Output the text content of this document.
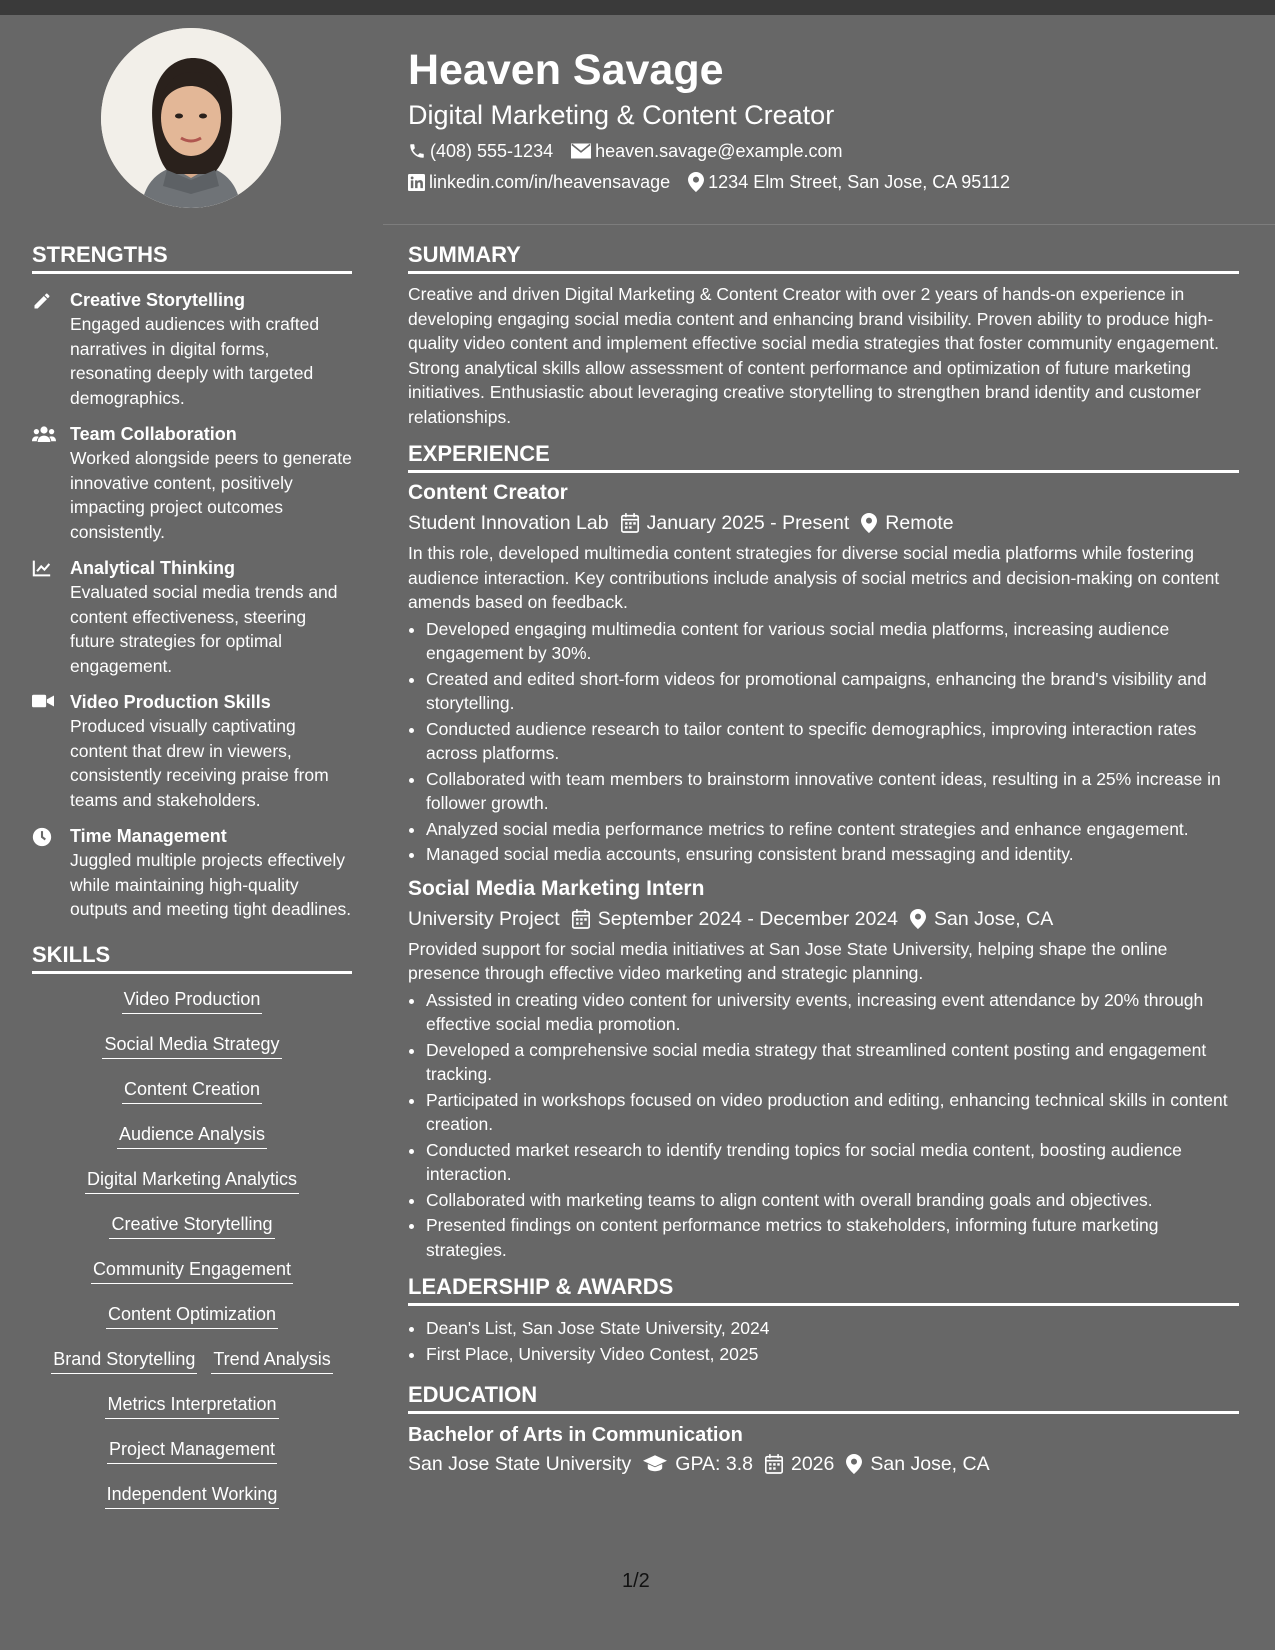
Heaven Savage
Digital Marketing & Content Creator
(408) 555-1234 heaven.savage@example.com
linkedin.com/in/heavensavage 1234 Elm Street, San Jose, CA 95112
STRENGTHS
Creative Storytelling
Engaged audiences with crafted narratives in digital forms, resonating deeply with targeted demographics.
Team Collaboration
Worked alongside peers to generate innovative content, positively impacting project outcomes consistently.
Analytical Thinking
Evaluated social media trends and content effectiveness, steering future strategies for optimal engagement.
Video Production Skills
Produced visually captivating content that drew in viewers, consistently receiving praise from teams and stakeholders.
Time Management
Juggled multiple projects effectively while maintaining high-quality outputs and meeting tight deadlines.
SKILLS
Video Production
Social Media Strategy
Content Creation
Audience Analysis
Digital Marketing Analytics
Creative Storytelling
Community Engagement
Content Optimization
Brand Storytelling Trend Analysis
Metrics Interpretation
Project Management
Independent Working
SUMMARY
Creative and driven Digital Marketing & Content Creator with over 2 years of hands-on experience in developing engaging social media content and enhancing brand visibility. Proven ability to produce high-quality video content and implement effective social media strategies that foster community engagement. Strong analytical skills allow assessment of content performance and optimization of future marketing initiatives. Enthusiastic about leveraging creative storytelling to strengthen brand identity and customer relationships.
EXPERIENCE
Content Creator
Student Innovation Lab January 2025 - Present Remote
In this role, developed multimedia content strategies for diverse social media platforms while fostering audience interaction. Key contributions include analysis of social metrics and decision-making on content amends based on feedback.
• Developed engaging multimedia content for various social media platforms, increasing audience engagement by 30%.
• Created and edited short-form videos for promotional campaigns, enhancing the brand's visibility and storytelling.
• Conducted audience research to tailor content to specific demographics, improving interaction rates across platforms.
• Collaborated with team members to brainstorm innovative content ideas, resulting in a 25% increase in follower growth.
• Analyzed social media performance metrics to refine content strategies and enhance engagement.
• Managed social media accounts, ensuring consistent brand messaging and identity.
Social Media Marketing Intern
University Project September 2024 - December 2024 San Jose, CA
Provided support for social media initiatives at San Jose State University, helping shape the online presence through effective video marketing and strategic planning.
• Assisted in creating video content for university events, increasing event attendance by 20% through effective social media promotion.
• Developed a comprehensive social media strategy that streamlined content posting and engagement tracking.
• Participated in workshops focused on video production and editing, enhancing technical skills in content creation.
• Conducted market research to identify trending topics for social media content, boosting audience interaction.
• Collaborated with marketing teams to align content with overall branding goals and objectives.
• Presented findings on content performance metrics to stakeholders, informing future marketing strategies.
LEADERSHIP & AWARDS
• Dean's List, San Jose State University, 2024
• First Place, University Video Contest, 2025
EDUCATION
Bachelor of Arts in Communication
San Jose State University GPA: 3.8 2026 San Jose, CA
1/2
